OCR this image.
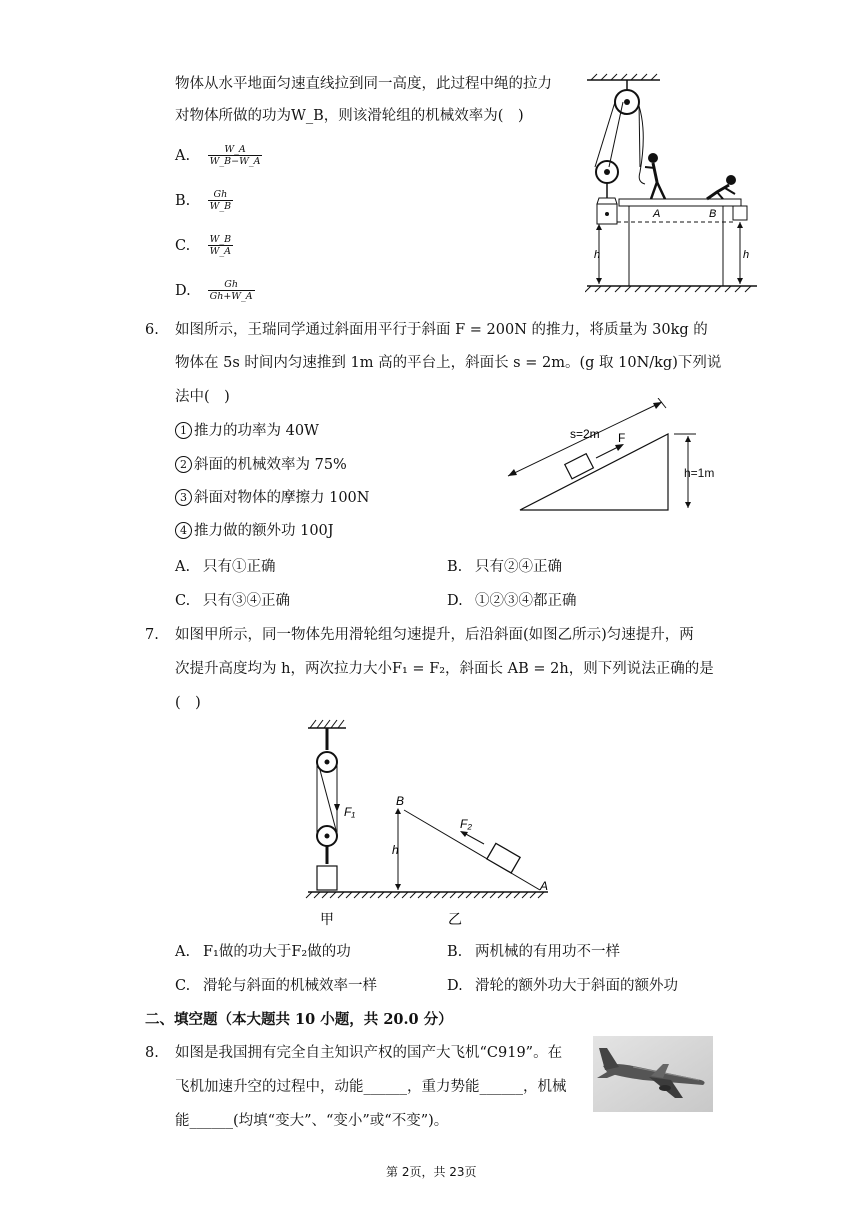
物体从水平地面匀速直线拉到同一高度，此过程中绳的拉力
对物体所做的功为W_B，则该滑轮组的机械效率为(　)
A. $\frac{W\_A}{W\_B-W\_A}$
B. $\frac{Gh}{W\_B}$
C. $\frac{W\_B}{W\_A}$
D. $\frac{Gh}{Gh+W\_A}$
A	B
h	h
6. 如图所示，王瑞同学通过斜面用平行于斜面 F = 200N 的推力，将质量为 30kg 的
物体在 5s 时间内匀速推到 1m 高的平台上，斜面长 s = 2m。(g 取 10N/kg)下列说
法中(　)
1 推力的功率为 40W
2 斜面的机械效率为 75%
3 斜面对物体的摩擦力 100N
4 推力做的额外功 100J
A. 只有①正确	B. 只有②④正确
C. 只有③④正确	D. ①②③④都正确
F
s=2m
h=1m
7. 如图甲所示，同一物体先用滑轮组匀速提升，后沿斜面(如图乙所示)匀速提升，两
次提升高度均为 h，两次拉力大小F₁ = F₂，斜面长 AB = 2h，则下列说法正确的是
(　)
F₁
h
B
A
F₂
甲	乙
A. F₁做的功大于F₂做的功	B. 两机械的有用功不一样
C. 滑轮与斜面的机械效率一样	D. 滑轮的额外功大于斜面的额外功
二、填空题（本大题共 10 小题，共 20.0 分）
8. 如图是我国拥有完全自主知识产权的国产大飞机“C919”。在
飞机加速升空的过程中，动能______，重力势能______，机械
能______(均填“变大”、“变小”或“不变”)。
第 2页，共 23页
